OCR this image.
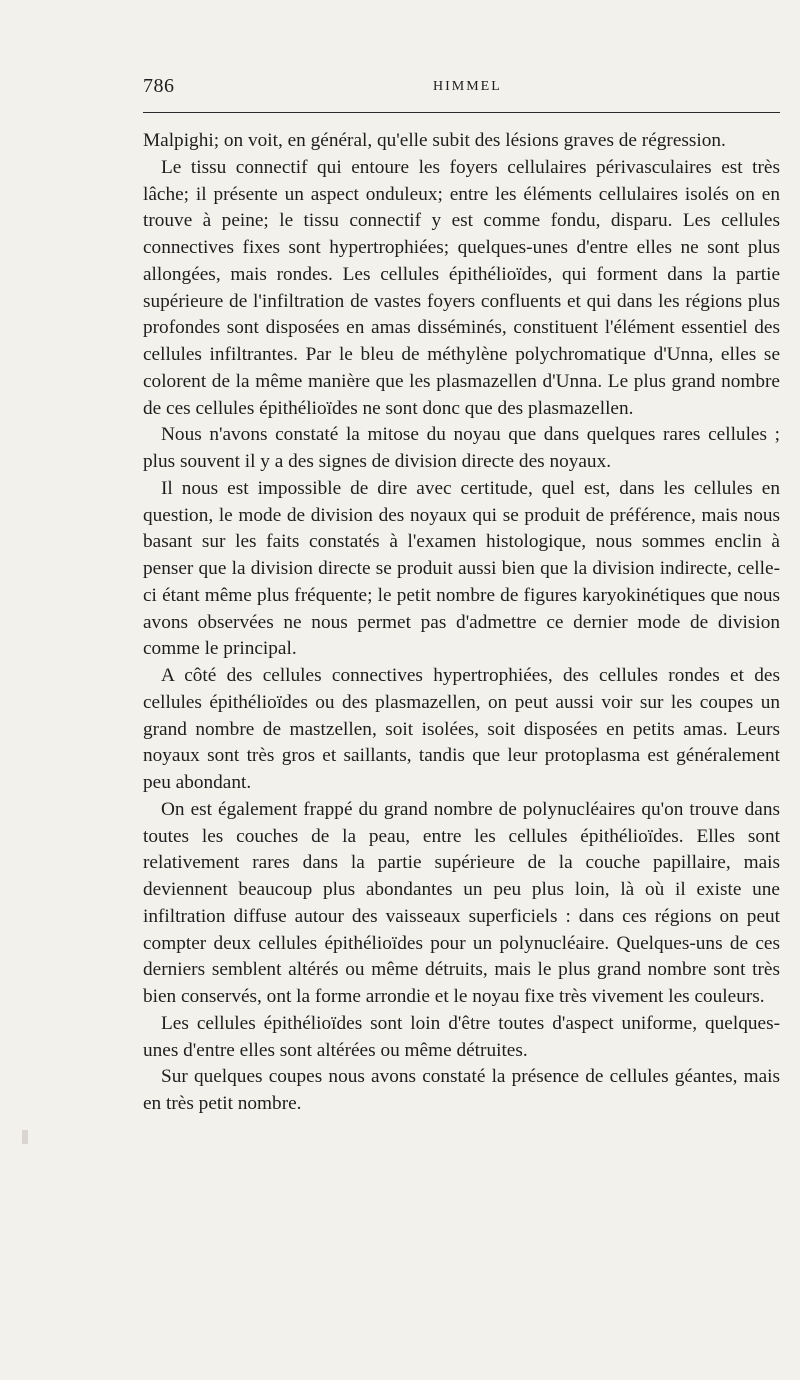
786	HIMMEL

Malpighi; on voit, en général, qu'elle subit des lésions graves de régression.

Le tissu connectif qui entoure les foyers cellulaires périvasculaires est très lâche; il présente un aspect onduleux; entre les éléments cellulaires isolés on en trouve à peine; le tissu connectif y est comme fondu, disparu. Les cellules connectives fixes sont hypertrophiées; quelques-unes d'entre elles ne sont plus allongées, mais rondes. Les cellules épithélioïdes, qui forment dans la partie supérieure de l'infiltration de vastes foyers confluents et qui dans les régions plus profondes sont disposées en amas disséminés, constituent l'élément essentiel des cellules infiltrantes. Par le bleu de méthylène polychromatique d'Unna, elles se colorent de la même manière que les plasmazellen d'Unna. Le plus grand nombre de ces cellules épithélioïdes ne sont donc que des plasmazellen.

Nous n'avons constaté la mitose du noyau que dans quelques rares cellules ; plus souvent il y a des signes de division directe des noyaux.

Il nous est impossible de dire avec certitude, quel est, dans les cellules en question, le mode de division des noyaux qui se produit de préférence, mais nous basant sur les faits constatés à l'examen histologique, nous sommes enclin à penser que la division directe se produit aussi bien que la division indirecte, celle-ci étant même plus fréquente; le petit nombre de figures karyokinétiques que nous avons observées ne nous permet pas d'admettre ce dernier mode de division comme le principal.

A côté des cellules connectives hypertrophiées, des cellules rondes et des cellules épithélioïdes ou des plasmazellen, on peut aussi voir sur les coupes un grand nombre de mastzellen, soit isolées, soit disposées en petits amas. Leurs noyaux sont très gros et saillants, tandis que leur protoplasma est généralement peu abondant.

On est également frappé du grand nombre de polynucléaires qu'on trouve dans toutes les couches de la peau, entre les cellules épithélioïdes. Elles sont relativement rares dans la partie supérieure de la couche papillaire, mais deviennent beaucoup plus abondantes un peu plus loin, là où il existe une infiltration diffuse autour des vaisseaux superficiels : dans ces régions on peut compter deux cellules épithélioïdes pour un polynucléaire. Quelques-uns de ces derniers semblent altérés ou même détruits, mais le plus grand nombre sont très bien conservés, ont la forme arrondie et le noyau fixe très vivement les couleurs.

Les cellules épithélioïdes sont loin d'être toutes d'aspect uniforme, quelques-unes d'entre elles sont altérées ou même détruites.

Sur quelques coupes nous avons constaté la présence de cellules géantes, mais en très petit nombre.
